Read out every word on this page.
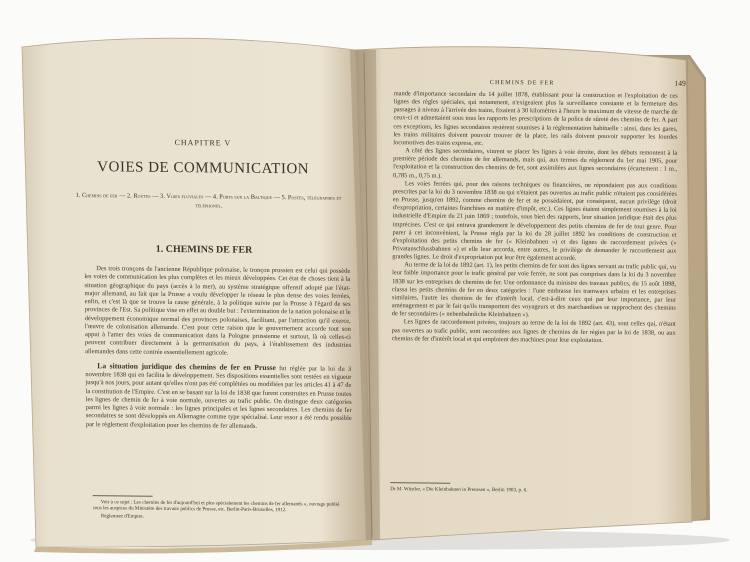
CHAPITRE V
VOIES DE COMMUNICATION
1. Chemins de fer — 2. Routes — 3. Voies fluviales — 4. Ports sur la Baltique — 5. Postes, télégraphes et téléphones.
1. CHEMINS DE FER

Des trois tronçons de l'ancienne République polonaise, le tronçon prussien est celui qui possède les voies de communication les plus complètes et les mieux développées. Cet état de choses tient à la situation géographique du pays (accès à la mer), au système stratégique offensif adopté par l'état-major allemand, au fait que la Prusse a voulu développer le réseau le plus dense des voies ferrées, enfin, et c'est là que se trouve la cause générale, à la politique suivie par la Prusse à l'égard de ses provinces de l'Est. Sa politique vise en effet au double but : l'extermination de la nation polonaise et le développement économique normal des provinces polonaises, facilitant, par l'attraction qu'il exerce, l'œuvre de colonisation allemande. C'est pour cette raison que le gouvernement accorde tout son appui à l'amer des voies de communication dans la Pologne prussienne et surtout, là où celles-ci peuvent contribuer directement à la germanisation du pays, à l'établissement des industries allemandes dans cette contrée essentiellement agricole.

La situation juridique des chemins de fer en Prusse fut réglée par la loi du 3 novembre 1838 qui en facilita le développement. Ses dispositions essentielles sont restées en vigueur jusqu'à nos jours, pour autant qu'elles n'ont pas été complétées ou modifiées par les articles 41 à 47 de la constitution de l'Empire. C'est en se basant sur la loi de 1838 que furent construites en Prusse toutes les lignes de chemin de fer à voie normale, ouvertes au trafic public. On distingue deux catégories parmi les lignes à voie normale : les lignes principales et les lignes secondaires. Les chemins de fer secondaires se sont développés en Allemagne comme type spécialisé. Leur essor a été rendu possible par le règlement d'exploitation pour les chemins de fer allemands.

Voir à ce sujet : Les chemins de fer d'aujourd'hui et plus spécialement les chemins de fer allemands », ouvrage publié sous les auspices du Ministère des travaux publics de Prusse, etc. Berlin-Paris-Bruxelles, 1912.

Règlement d'Empire.

CHEMINS DE FER	149

mande d'importance secondaire du 14 juillet 1878, établissant pour la construction et l'exploitation de ces lignes des règles spéciales, qui notamment, n'exigeaient plus la surveillance constante et la fermeture des passages à niveau à l'arrivée des trains, fixaient à 30 kilomètres à l'heure le maximum de vitesse de marche de ceux-ci et admettaient sous tous les rapports les prescriptions de la police de sûreté des chemins de fer. A part ces exceptions, les lignes secondaires restèrent soumises à la réglementation habituelle : ainsi, dans les gares, les trains militaires doivent pouvoir trouver de la place, les rails doivent pouvoir supporter les lourdes locomotives des trains express, etc.

A côté des lignes secondaires, vinrent se placer les lignes à voie étroite, dont les débuts remontent à la première période des chemins de fer allemands, mais qui, aux termes du règlement du 1er mai 1905, pour l'exploitation et la construction des chemins de fer, sont assimilées aux lignes secondaires (écartement : 1 m., 0,785 m., 0,75 m.).

Les voies ferrées qui, pour des raisons techniques ou financières, ne répondaient pas aux conditions prescrites par la loi du 3 novembre 1838 ou qui n'étaient pas ouvertes au trafic public n'étaient pas considérées en Prusse, jusqu'en 1892, comme chemins de fer et ne possédaient, par conséquent, aucun privilège (droit d'expropriation, certaines franchises en matière d'impôt, etc.). Ces lignes étaient simplement soumises à la loi industrielle d'Empire du 21 juin 1869 ; toutefois, sous bien des rapports, leur situation juridique était des plus imprécises. C'est ce qui entrava grandement le développement des petits chemins de fer de tout genre. Pour parer à cet inconvénient, la Prusse régla par la loi du 28 juillet 1892 les conditions de construction et d'exploitation des petits chemins de fer (« Kleinbahnen ») et des lignes de raccordement privées (« Privatanschlussbahnen ») et elle leur accorda, entre autres, le privilège de demander le raccordement aux grandes lignes. Le droit d'expropriation put leur être également accordé.

Au terme de la loi de 1892 (art. 1), les petits chemins de fer sont des lignes servant au trafic public qui, vu leur faible importance pour le trafic général par voie ferrée, ne sont pas comprises dans la loi du 3 novembre 1838 sur les entreprises de chemins de fer. Une ordonnance du ministre des travaux publics, du 15 août 1898, classa les petits chemins de fer en deux catégories : l'une embrasse les tramways urbains et les entreprises similaires, l'autre les chemins de fer d'intérêt local, c'est-à-dire ceux qui par leur importance, par leur aménagement et par le fait qu'ils transportent des voyageurs et des marchandises se rapprochent des chemins de fer secondaires (« nebenbahnliche Kleinbahnen »).

Les lignes de raccordement privées, toujours au terme de la loi de 1892 (art. 43), sont celles qui, n'étant pas ouvertes au trafic public, sont raccordées aux lignes de chemins de fer régies par la loi de 1838, ou aux chemins de fer d'intérêt local et qui emploient des machines pour leur exploitation.

Dr M. Wüstler, « Die Kleinbahnen in Preussen », Berlin 1903, p. 6.
